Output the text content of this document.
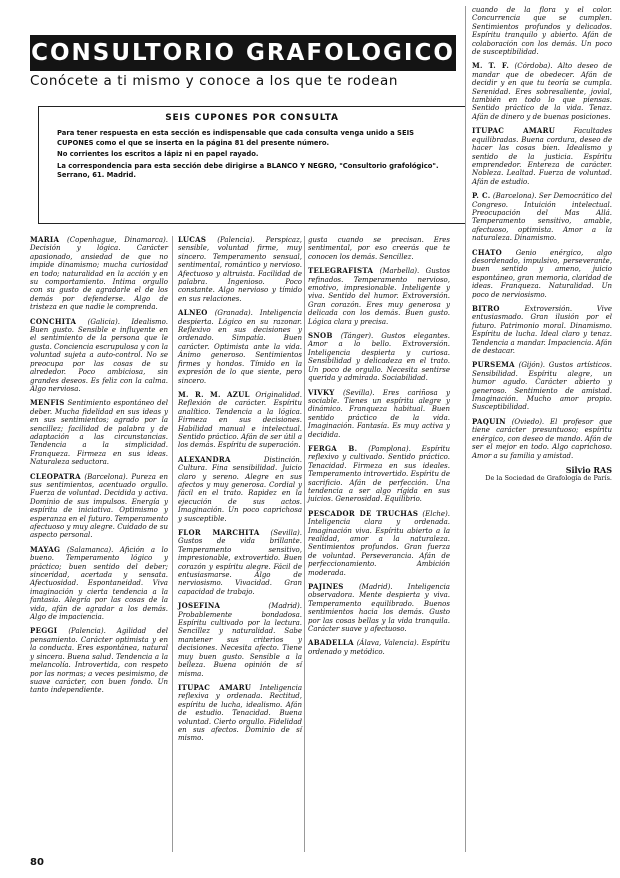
CONSULTORIO GRAFOLOGICO
Conócete a ti mismo y conoce a los que te rodean
SEIS CUPONES POR CONSULTA

Para tener respuesta en esta sección es indispensable que cada consulta venga unido a SEIS CUPONES como el que se inserta en la página 81 del presente número.

No corrientes los escritos a lápiz ni en papel rayado.

La correspondencia para esta sección debe dirigirse a BLANCO Y NEGRO, "Consultorio grafológico". Serrano, 61. Madrid.

MARIA (Copenhague, Dinamarca). Decisión y lógica. Carácter apasionado, ansiedad de que no impide dinamismo; mucha curiosidad en todo; naturalidad en la acción y en su comportamiento. Intima orgullo con su gusto de agradarle el de los demás por defenderse. Algo de tristeza en que nadie le comprenda.

CONCHITA (Galicia). Idealismo. Buen gusto. Sensible e influyente en el sentimiento de la persona que le gusta. Conciencia escrupulosa y con la voluntad sujeta a auto-control. No se preocupa por las cosas de su alrededor. Poco ambiciosa, sin grandes deseos. Es feliz con la calma. Algo nerviosa.

MENFIS Sentimiento espontáneo del deber. Mucha fidelidad en sus ideas y en sus sentimientos; agrado por la sencillez; facilidad de palabra y de adaptación a las circunstancias. Tendencia a la simplicidad. Franqueza. Firmeza en sus ideas. Naturaleza seductora.

CLEOPATRA (Barcelona). Pureza en sus sentimientos, acentuado orgullo. Fuerza de voluntad. Decidida y activa. Dominio de sus impulsos. Energía y espíritu de iniciativa. Optimismo y esperanza en el futuro. Temperamento afectuoso y muy alegre. Cuidado de su aspecto personal.

MAYAG (Salamanca). Afición a lo bueno. Temperamento lógico y práctico; buen sentido del deber; sinceridad, acertada y sensata. Afectuosidad. Espontaneidad. Viva imaginación y cierta tendencia a la fantasía. Alegría por las cosas de la vida, afán de agradar a los demás. Algo de impaciencia.

PEGGI (Palencia). Agilidad del pensamiento. Carácter optimista y en la conducta. Eres espontánea, natural y sincera. Buena salud. Tendencia a la melancolía. Introvertida, con respeto por las normas; a veces pesimismo, de suave carácter, con buen fondo. Un tanto independiente.

LUCAS (Palencia). Perspicaz, sensible, voluntad firme, muy sincero. Temperamento sensual, sentimental, romántico y nervioso. Afectuoso y altruista. Facilidad de palabra. Ingenioso. Poco constante. Algo nervioso y tímido en sus relaciones.

ALNEO (Granada). Inteligencia despierta. Lógico en su razonar. Reflexivo en sus decisiones y ordenado. Simpatía. Buen carácter. Optimista ante la vida. Ánimo generoso. Sentimientos firmes y hondos. Tímido en la expresión de lo que siente, pero sincero.

M. R. M. AZUL Originalidad. Reflexión de carácter. Espíritu analítico. Tendencia a la lógica. Firmeza en sus decisiones. Habilidad manual e intelectual. Sentido práctico. Afán de ser útil a los demás. Espíritu de superación.

ALEXANDRA	Distinción. Cultura. Fina sensibilidad. Juicio claro y sereno. Alegre en sus afectos y muy generosa. Cordial y fácil en el trato. Rapidez en la ejecución de sus actos. Imaginación. Un poco caprichosa y susceptible.

FLOR MARCHITA (Sevilla). Gustos de vida brillante. Temperamento sensitivo, impresionable, extrovertido. Buen corazón y espíritu alegre. Fácil de entusiasmarse. Algo de nerviosismo. Vivacidad. Gran capacidad de trabajo.

JOSEFINA	(Madrid). Probablemente bondadosa. Espíritu cultivado por la lectura. Sencillez y naturalidad. Sabe mantener sus criterios y decisiones. Necesita afecto. Tiene muy buen gusto. Sensible a la belleza. Buena opinión de sí misma.

ITUPAC AMARU Inteligencia reflexiva y ordenada. Rectitud, espíritu de lucha, idealismo. Afán de estudio. Tenacidad. Buena voluntad. Cierto orgullo. Fidelidad en sus afectos. Dominio de sí mismo.

gusta cuando se precisan. Eres sentimental, por eso creerás que te conocen los demás. Sencillez.

TELEGRAFISTA (Marbella). Gustos refinados. Temperamento nervioso, emotivo, impresionable. Inteligente y viva. Sentido del humor. Extroversión. Gran corazón. Eres muy generosa y delicada con los demás. Buen gusto. Lógica clara y precisa.

SNOB (Tánger). Gustos elegantes. Amor a lo bello. Extroversión. Inteligencia despierta y curiosa. Sensibilidad y delicadeza en el trato. Un poco de orgullo. Necesita sentirse querida y admirada. Sociabilidad.

VIVKY (Sevilla). Eres cariñosa y sociable. Tienes un espíritu alegre y dinámico. Franqueza habitual. Buen sentido práctico de la vida. Imaginación. Fantasía. Es muy activa y decidida.

FERGA B. (Pamplona). Espíritu reflexivo y cultivado. Sentido práctico. Tenacidad. Firmeza en sus ideales. Temperamento introvertido. Espíritu de sacrificio. Afán de perfección. Una tendencia a ser algo rígida en sus juicios. Generosidad. Equilibrio.

PESCADOR DE TRUCHAS (Elche). Inteligencia clara y ordenada. Imaginación viva. Espíritu abierto a la realidad, amor a la naturaleza. Sentimientos profundos. Gran fuerza de voluntad. Perseverancia. Afán de perfeccionamiento. Ambición moderada.

PAJINES (Madrid). Inteligencia observadora. Mente despierta y viva. Temperamento equilibrado. Buenos sentimientos hacia los demás. Gusto por las cosas bellas y la vida tranquila. Carácter suave y afectuoso.

ABADELLA (Álava, Valencia). Espíritu ordenado y metódico.

cuando de la flora y el color. Concurrencia que se cumplen. Sentimientos profundos y delicados. Espíritu tranquilo y abierto. Afán de colaboración con los demás. Un poco de susceptibilidad.

M. T. F. (Córdoba). Alto deseo de mandar que de obedecer. Afán de decidir y en que tu teoría se cumpla. Serenidad. Eres sobresaliente, jovial, también en todo lo que piensas. Sentido práctico de la vida. Tenaz. Afán de dinero y de buenas posiciones.

ITUPAC AMARU	Facultades equilibradas. Buena cordura, deseo de hacer las cosas bien. Idealismo y sentido de la justicia. Espíritu emprendedor. Entereza de carácter. Nobleza. Lealtad. Fuerza de voluntad. Afán de estudio.

P. C. (Barcelona). Ser Democrático del Congreso. Intuición intelectual. Preocupación del Mas Allá. Temperamento sensitivo, amable, afectuoso, optimista. Amor a la naturaleza. Dinamismo.

CHATO Genio enérgico, algo desordenado, impulsivo, perseverante, buen sentido y ameno, juicio espontáneo, gran memoria, claridad de ideas. Franqueza. Naturalidad. Un poco de nerviosismo.

BITRO	Extroversión. Vive entusiasmado. Gran ilusión por el futuro. Patrimonio moral. Dinamismo. Espíritu de lucha. Ideal claro y tenaz. Tendencia a mandar. Impaciencia. Afán de destacar.

PURSEMA (Gijón). Gustos artísticos. Sensibilidad. Espíritu alegre, un humor agudo. Carácter abierto y generoso. Sentimiento de amistad. Imaginación. Mucho amor propio. Susceptibilidad.

PAQUIN (Oviedo). El profesor que tiene carácter presuntuoso; espíritu enérgico, con deseo de mando. Afán de ser el mejor en todo. Algo caprichoso. Amor a su familia y amistad.

Silvio RAS
De la Sociedad de Grafología de París.
80
